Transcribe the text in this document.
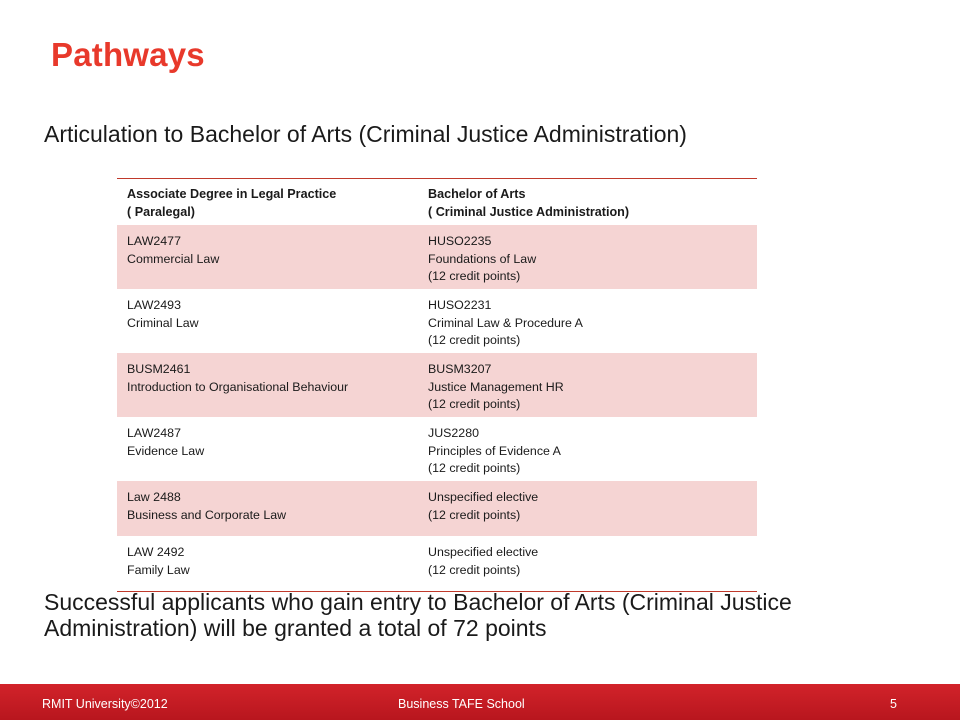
Pathways
Articulation to Bachelor of Arts (Criminal Justice Administration)
Associate Degree in Legal Practice
( Paralegal)
Bachelor of Arts
( Criminal Justice Administration)
LAW2477
Commercial Law
HUSO2235
Foundations of Law
(12 credit points)
LAW2493
Criminal Law
HUSO2231
Criminal Law & Procedure A
(12 credit points)
BUSM2461
Introduction to Organisational Behaviour
BUSM3207
Justice Management HR
(12 credit points)
LAW2487
Evidence Law
JUS2280
Principles of Evidence A
(12 credit points)
Law 2488
Business and Corporate Law
Unspecified elective
(12 credit points)
LAW 2492
Family Law
Unspecified elective
(12 credit points)
Successful applicants who gain entry to Bachelor of Arts (Criminal Justice Administration) will be granted a total of 72 points
RMIT University©2012	Business TAFE School	5
